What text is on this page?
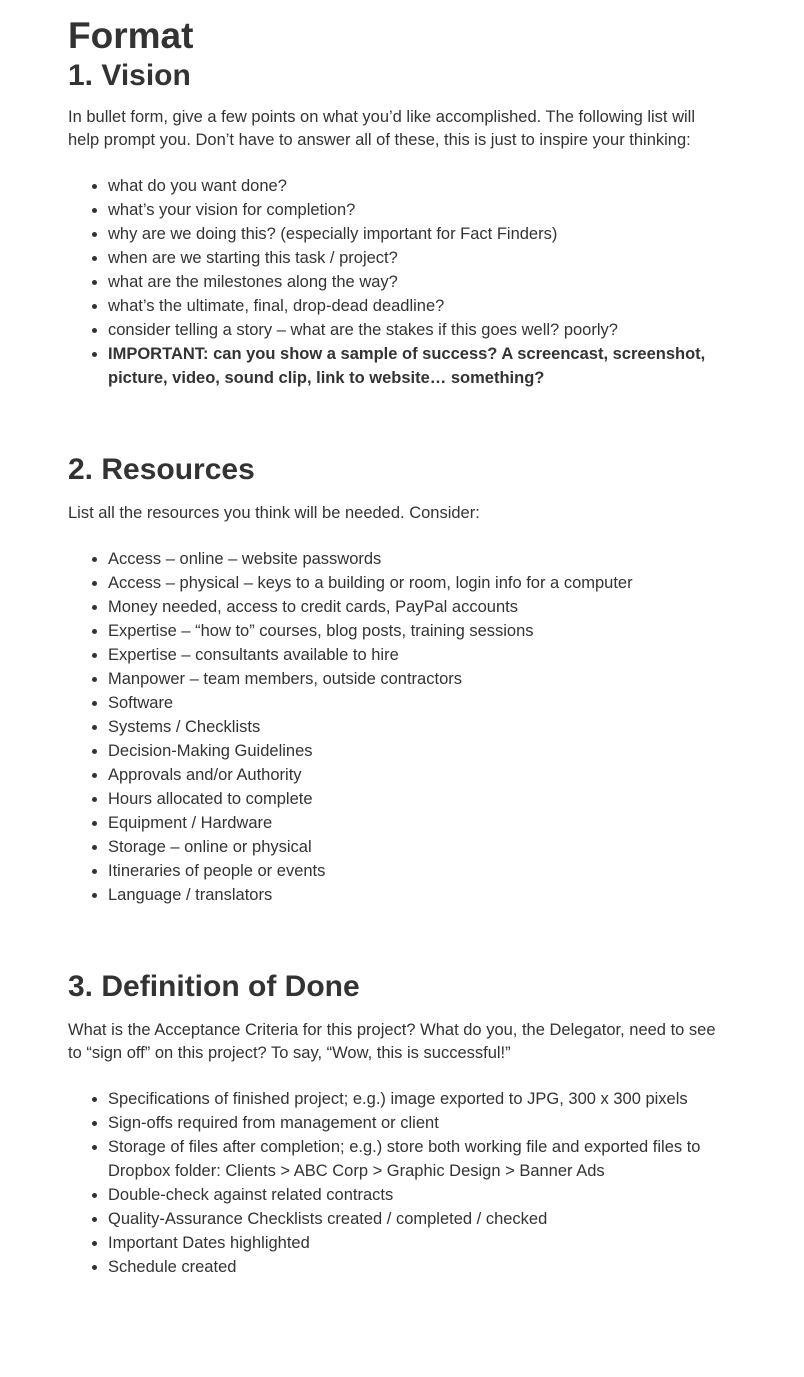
Format
1. Vision

In bullet form, give a few points on what you’d like accomplished. The following list will help prompt you. Don’t have to answer all of these, this is just to inspire your thinking:

• what do you want done?
• what’s your vision for completion?
• why are we doing this? (especially important for Fact Finders)
• when are we starting this task / project?
• what are the milestones along the way?
• what’s the ultimate, final, drop-dead deadline?
• consider telling a story – what are the stakes if this goes well? poorly?
• IMPORTANT: can you show a sample of success? A screencast, screenshot, picture, video, sound clip, link to website… something?
2. Resources

List all the resources you think will be needed. Consider:

• Access – online – website passwords
• Access – physical – keys to a building or room, login info for a computer
• Money needed, access to credit cards, PayPal accounts
• Expertise – “how to” courses, blog posts, training sessions
• Expertise – consultants available to hire
• Manpower – team members, outside contractors
• Software
• Systems / Checklists
• Decision-Making Guidelines
• Approvals and/or Authority
• Hours allocated to complete
• Equipment / Hardware
• Storage – online or physical
• Itineraries of people or events
• Language / translators
3. Definition of Done

What is the Acceptance Criteria for this project? What do you, the Delegator, need to see to “sign off” on this project? To say, “Wow, this is successful!”

• Specifications of finished project; e.g.) image exported to JPG, 300 x 300 pixels
• Sign-offs required from management or client
• Storage of files after completion; e.g.) store both working file and exported files to Dropbox folder: Clients > ABC Corp > Graphic Design > Banner Ads
• Double-check against related contracts
• Quality-Assurance Checklists created / completed / checked
• Important Dates highlighted
• Schedule created
